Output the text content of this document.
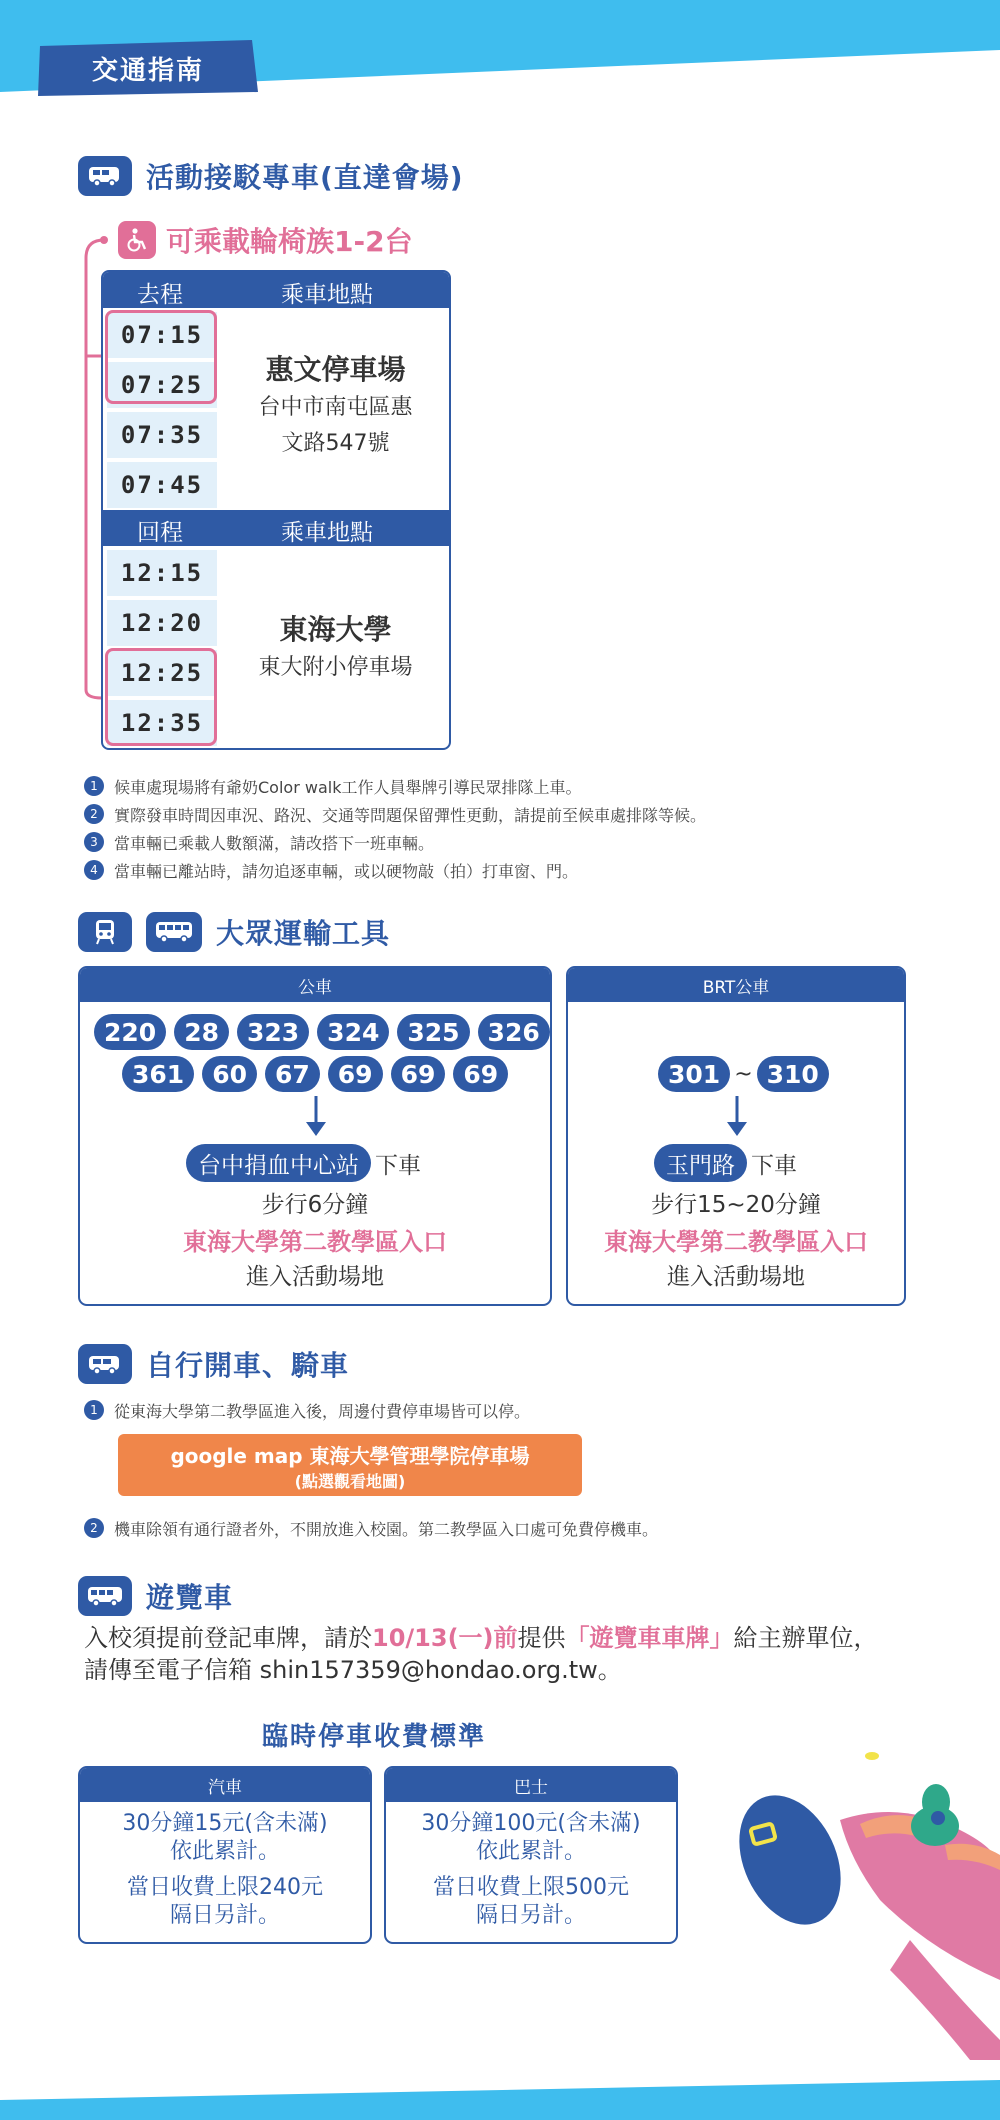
交通指南
活動接駁專車(直達會場)
可乘載輪椅族1-2台
去程	乘車地點
07:15
07:25
07:35
07:45
惠文停車場
台中市南屯區惠
文路547號
回程	乘車地點
12:15
12:20
12:25
12:35
東海大學
東大附小停車場
1	候車處現場將有爺奶Color walk工作人員舉牌引導民眾排隊上車。
2	實際發車時間因車況、路況、交通等問題保留彈性更動，請提前至候車處排隊等候。
3	當車輛已乘載人數額滿，請改搭下一班車輛。
4	當車輛已離站時，請勿追逐車輛，或以硬物敲（拍）打車窗、門。
大眾運輸工具
公車
220	28	323	324	325	326
361	60	67	69	69	69
台中捐血中心站 下車
步行6分鐘
東海大學第二教學區入口
進入活動場地
BRT公車
301 ~ 310
玉門路 下車
步行15~20分鐘
東海大學第二教學區入口
進入活動場地
自行開車、騎車
1	從東海大學第二教學區進入後，周邊付費停車場皆可以停。
google map 東海大學管理學院停車場
(點選觀看地圖)
2	機車除領有通行證者外，不開放進入校園。第二教學區入口處可免費停機車。
遊覽車
入校須提前登記車牌，請於10/13(一)前提供「遊覽車車牌」給主辦單位，
請傳至電子信箱 shin157359@hondao.org.tw。
臨時停車收費標準
汽車
30分鐘15元(含未滿)
依此累計。
當日收費上限240元
隔日另計。
巴士
30分鐘100元(含未滿)
依此累計。
當日收費上限500元
隔日另計。
